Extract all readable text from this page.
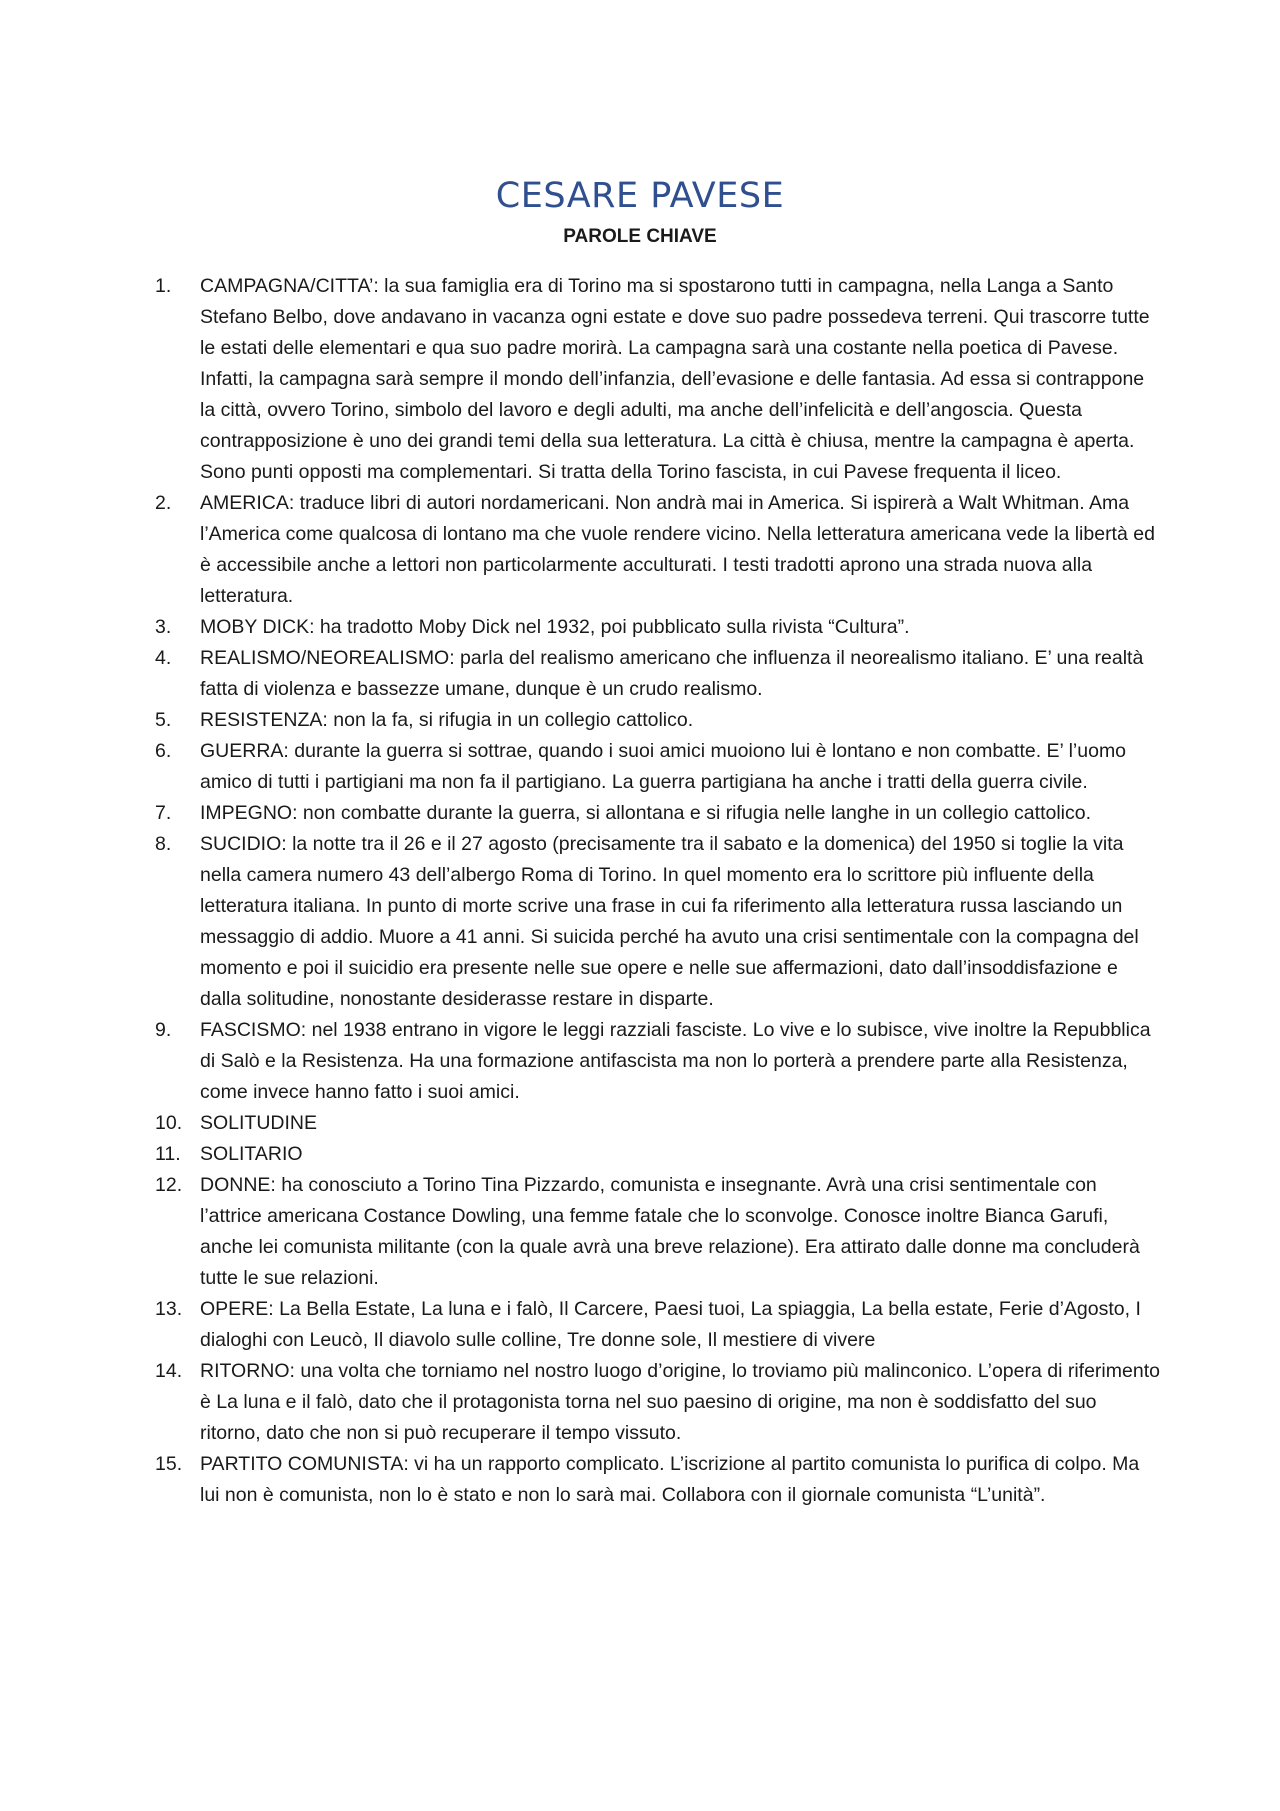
CESARE PAVESE
PAROLE CHIAVE
1.	CAMPAGNA/CITTA’: la sua famiglia era di Torino ma si spostarono tutti in campagna, nella Langa a Santo Stefano Belbo, dove andavano in vacanza ogni estate e dove suo padre possedeva terreni. Qui trascorre tutte le estati delle elementari e qua suo padre morirà. La campagna sarà una costante nella poetica di Pavese. Infatti, la campagna sarà sempre il mondo dell’infanzia, dell’evasione e delle fantasia. Ad essa si contrappone la città, ovvero Torino, simbolo del lavoro e degli adulti, ma anche dell’infelicità e dell’angoscia. Questa contrapposizione è uno dei grandi temi della sua letteratura. La città è chiusa, mentre la campagna è aperta. Sono punti opposti ma complementari. Si tratta della Torino fascista, in cui Pavese frequenta il liceo.
2.	AMERICA: traduce libri di autori nordamericani. Non andrà mai in America. Si ispirerà a Walt Whitman. Ama l’America come qualcosa di lontano ma che vuole rendere vicino. Nella letteratura americana vede la libertà ed è accessibile anche a lettori non particolarmente acculturati. I testi tradotti aprono una strada nuova alla letteratura.
3.	MOBY DICK: ha tradotto Moby Dick nel 1932, poi pubblicato sulla rivista “Cultura”.
4.	REALISMO/NEOREALISMO: parla del realismo americano che influenza il neorealismo italiano. E’ una realtà fatta di violenza e bassezze umane, dunque è un crudo realismo.
5.	RESISTENZA: non la fa, si rifugia in un collegio cattolico.
6.	GUERRA: durante la guerra si sottrae, quando i suoi amici muoiono lui è lontano e non combatte. E’ l’uomo amico di tutti i partigiani ma non fa il partigiano. La guerra partigiana ha anche i tratti della guerra civile.
7.	IMPEGNO: non combatte durante la guerra, si allontana e si rifugia nelle langhe in un collegio cattolico.
8.	SUCIDIO: la notte tra il 26 e il 27 agosto (precisamente tra il sabato e la domenica) del 1950 si toglie la vita nella camera numero 43 dell’albergo Roma di Torino. In quel momento era lo scrittore più influente della letteratura italiana. In punto di morte scrive una frase in cui fa riferimento alla letteratura russa lasciando un messaggio di addio. Muore a 41 anni. Si suicida perché ha avuto una crisi sentimentale con la compagna del momento e poi il suicidio era presente nelle sue opere e nelle sue affermazioni, dato dall’insoddisfazione e dalla solitudine, nonostante desiderasse restare in disparte.
9.	FASCISMO: nel 1938 entrano in vigore le leggi razziali fasciste. Lo vive e lo subisce, vive inoltre la Repubblica di Salò e la Resistenza. Ha una formazione antifascista ma non lo porterà a prendere parte alla Resistenza, come invece hanno fatto i suoi amici.
10. SOLITUDINE
11. SOLITARIO
12. DONNE: ha conosciuto a Torino Tina Pizzardo, comunista e insegnante. Avrà una crisi sentimentale con l’attrice americana Costance Dowling, una femme fatale che lo sconvolge. Conosce inoltre Bianca Garufi, anche lei comunista militante (con la quale avrà una breve relazione). Era attirato dalle donne ma concluderà tutte le sue relazioni.
13. OPERE: La Bella Estate, La luna e i falò, Il Carcere, Paesi tuoi, La spiaggia, La bella estate, Ferie d’Agosto, I dialoghi con Leucò, Il diavolo sulle colline, Tre donne sole, Il mestiere di vivere
14. RITORNO: una volta che torniamo nel nostro luogo d’origine, lo troviamo più malinconico. L’opera di riferimento è La luna e il falò, dato che il protagonista torna nel suo paesino di origine, ma non è soddisfatto del suo ritorno, dato che non si può recuperare il tempo vissuto.
15. PARTITO COMUNISTA: vi ha un rapporto complicato. L’iscrizione al partito comunista lo purifica di colpo. Ma lui non è comunista, non lo è stato e non lo sarà mai. Collabora con il giornale comunista “L’unità”.
